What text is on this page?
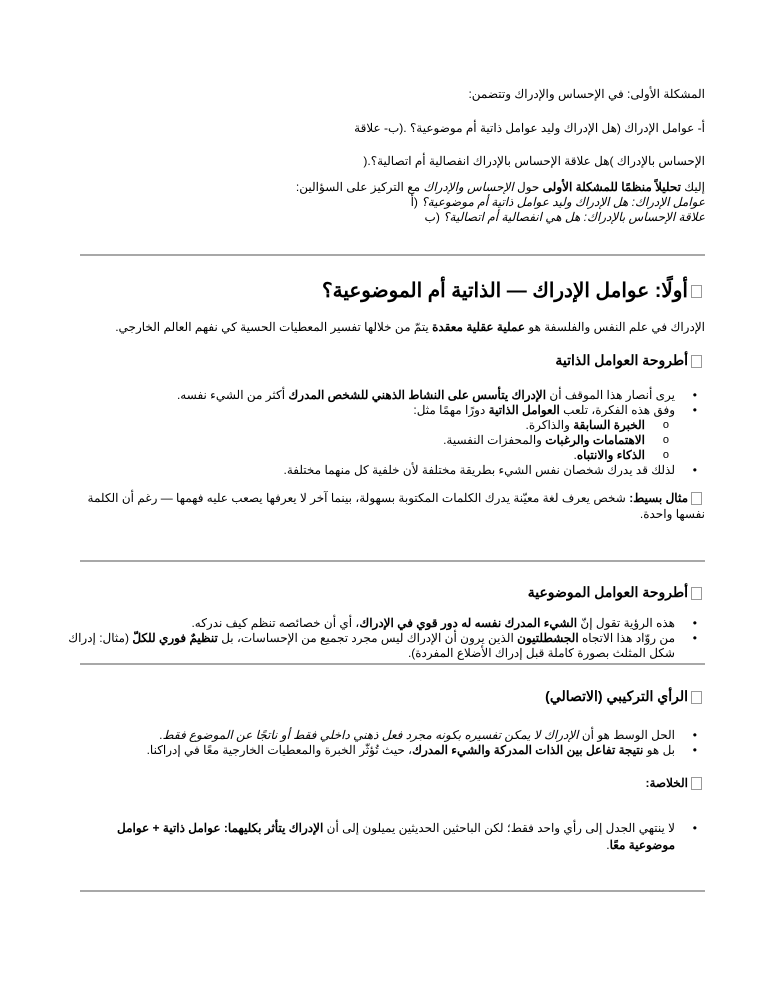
المشكلة الأولى: في الإحساس والإدراك وتتضمن:
أ- عوامل الإدراك (هل الإدراك وليد عوامل ذاتية أم موضوعية؟ .(ب- علاقة
الإحساس بالإدراك )هل علاقة الإحساس بالإدراك انفصالية أم اتصالية؟.(
إليك تحليلاً منظمًا للمشكلة الأولى حول الإحساس والإدراك مع التركيز على السؤالين:
عوامل الإدراك: هل الإدراك وليد عوامل ذاتية أم موضوعية؟ (أ
علاقة الإحساس بالإدراك: هل هي انفصالية أم اتصالية؟ (ب
أولًا: عوامل الإدراك — الذاتية أم الموضوعية؟
الإدراك في علم النفس والفلسفة هو عملية عقلية معقدة يتمّ من خلالها تفسير المعطيات الحسية كي نفهم العالم الخارجي.
أطروحة العوامل الذاتية
• يرى أنصار هذا الموقف أن الإدراك يتأسس على النشاط الذهني للشخص المدرك أكثر من الشيء نفسه.
• وفق هذه الفكرة، تلعب العوامل الذاتية دورًا مهمًا مثل:
o الخبرة السابقة والذاكرة.
o الاهتمامات والرغبات والمحفزات النفسية.
o الذكاء والانتباه.
• لذلك قد يدرك شخصان نفس الشيء بطريقة مختلفة لأن خلفية كل منهما مختلفة.
مثال بسيط: شخص يعرف لغة معيّنة يدرك الكلمات المكتوبة بسهولة، بينما آخر لا يعرفها يصعب عليه فهمها — رغم أن الكلمة نفسها واحدة.
أطروحة العوامل الموضوعية
• هذه الرؤية تقول إنّ الشيء المدرك نفسه له دور قوي في الإدراك، أي أن خصائصه تنظم كيف ندركه.
• من روّاد هذا الاتجاه الجشطلتيون الذين يرون أن الإدراك ليس مجرد تجميع من الإحساسات، بل تنظيمٌ فوري للكلّ (مثال: إدراك شكل المثلث بصورة كاملة قبل إدراك الأضلاع المفردة).
الرأي التركيبي (الاتصالي)
• الحل الوسط هو أن الإدراك لا يمكن تفسيره بكونه مجرد فعل ذهني داخلي فقط أو ناتجًا عن الموضوع فقط.
• بل هو نتيجة تفاعل بين الذات المدركة والشيء المدرك، حيث تُؤثّر الخبرة والمعطيات الخارجية معًا في إدراكنا.
الخلاصة:
• لا ينتهي الجدل إلى رأي واحد فقط؛ لكن الباحثين الحديثين يميلون إلى أن الإدراك يتأثر بكليهما: عوامل ذاتية + عوامل موضوعية معًا.
